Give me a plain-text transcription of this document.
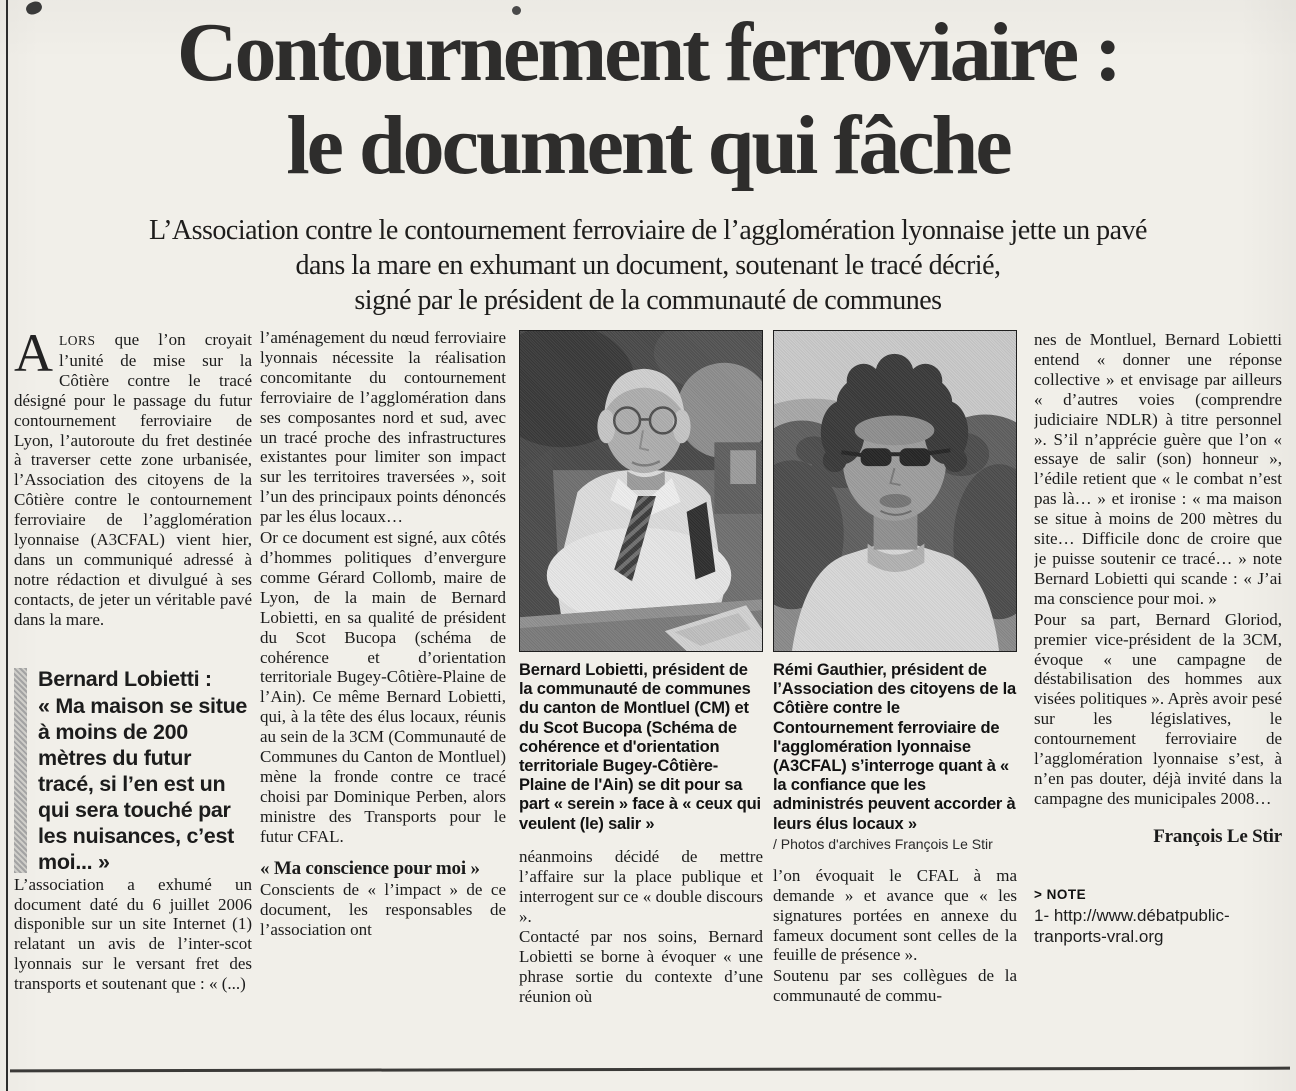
Contournement ferroviaire :
le document qui fâche
L’Association contre le contournement ferroviaire de l’agglomération lyonnaise jette un pavé
dans la mare en exhumant un document, soutenant le tracé décrié,
signé par le président de la communauté de communes

ALORS que l’on croyait l’unité de mise sur la Côtière contre le tracé désigné pour le passage du futur contournement ferroviaire de Lyon, l’autoroute du fret destinée à traverser cette zone urbanisée, l’Association des citoyens de la Côtière contre le contournement ferroviaire de l’agglomération lyonnaise (A3CFAL) vient hier, dans un communiqué adressé à notre rédaction et divulgué à ses contacts, de jeter un véritable pavé dans la mare.

Bernard Lobietti :

« Ma maison se situe à moins de 200 mètres du futur tracé, si l’en est un qui sera touché par les nuisances, c’est moi... »

L’association a exhumé un document daté du 6 juillet 2006 disponible sur un site Internet (1) relatant un avis de l’inter-scot lyonnais sur le versant fret des transports et soutenant que : « (...)

l’aménagement du nœud ferroviaire lyonnais nécessite la réalisation concomitante du contournement ferroviaire de l’agglomération dans ses composantes nord et sud, avec un tracé proche des infrastructures existantes pour limiter son impact sur les territoires traversées », soit l’un des principaux points dénoncés par les élus locaux…

Or ce document est signé, aux côtés d’hommes politiques d’envergure comme Gérard Collomb, maire de Lyon, de la main de Bernard Lobietti, en sa qualité de président du Scot Bucopa (schéma de cohérence et d’orientation territoriale Bugey-Côtière-Plaine de l’Ain). Ce même Bernard Lobietti, qui, à la tête des élus locaux, réunis au sein de la 3CM (Communauté de Communes du Canton de Montluel) mène la fronde contre ce tracé choisi par Dominique Perben, alors ministre des Transports pour le futur CFAL.

« Ma conscience pour moi »

Conscients de « l’impact » de ce document, les responsables de l’association ont

Bernard Lobietti, président de la communauté de communes du canton de Montluel (CM) et du Scot Bucopa (Schéma de cohérence et d'orientation territoriale Bugey-Côtière-Plaine de l'Ain) se dit pour sa part « serein » face à « ceux qui veulent (le) salir »

néanmoins décidé de mettre l’affaire sur la place publique et interrogent sur ce « double discours ».

Contacté par nos soins, Bernard Lobietti se borne à évoquer « une phrase sortie du contexte d’une réunion où

Rémi Gauthier, président de l’Association des citoyens de la Côtière contre le Contournement ferroviaire de l'agglomération lyonnaise (A3CFAL) s’interroge quant à « la confiance que les administrés peuvent accorder à leurs élus locaux »
/ Photos d'archives François Le Stir

l’on évoquait le CFAL à ma demande » et avance que « les signatures portées en annexe du fameux document sont celles de la feuille de présence ».

Soutenu par ses collègues de la communauté de commu-

nes de Montluel, Bernard Lobietti entend « donner une réponse collective » et envisage par ailleurs « d’autres voies (comprendre judiciaire NDLR) à titre personnel ». S’il n’apprécie guère que l’on « essaye de salir (son) honneur », l’édile retient que « le combat n’est pas là… » et ironise : « ma maison se situe à moins de 200 mètres du site… Difficile donc de croire que je puisse soutenir ce tracé… » note Bernard Lobietti qui scande : « J’ai ma conscience pour moi. »

Pour sa part, Bernard Gloriod, premier vice-président de la 3CM, évoque « une campagne de déstabilisation des hommes aux visées politiques ». Après avoir pesé sur les législatives, le contournement ferroviaire de l’agglomération lyonnaise s’est, à n’en pas douter, déjà invité dans la campagne des municipales 2008…

François Le Stir

> NOTE
1- http://www.débatpublic-tranports-vral.org
